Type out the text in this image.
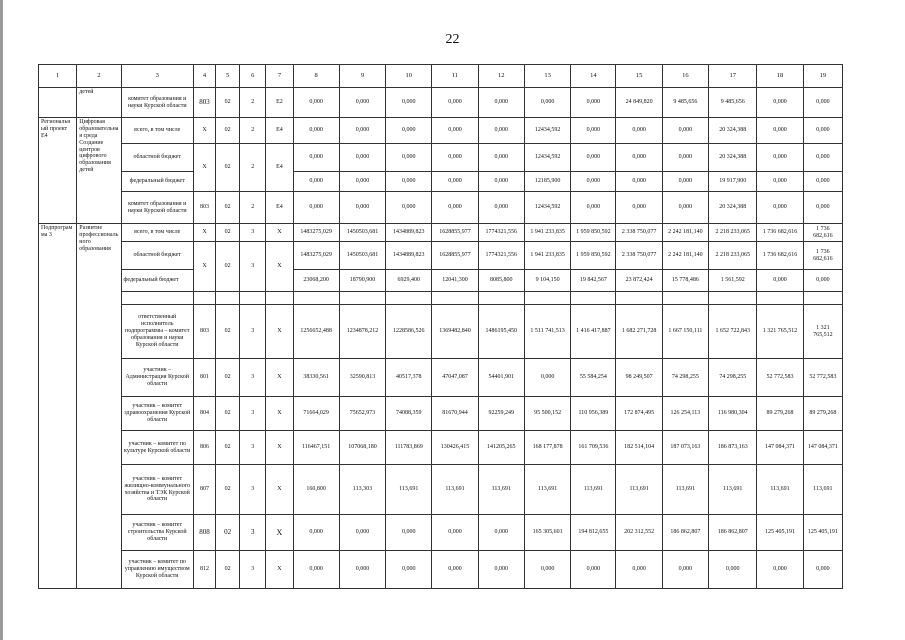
22
1	2	3	4	5	6	7	8	9	10	11	12	13	14	15	16	17	18	19
	детей	комитет образования и науки Курской области	803	02	2	Е2	0,000	0,000	0,000	0,000	0,000	0,000	0,000	24 849,820	9 485,656	9 485,656	0,000	0,000
Региональный проект Е4	Цифровая образовательная среда Создание центров цифрового образования детей	всего, в том числе	Х	02	2	Е4	0,000	0,000	0,000	0,000	0,000	12434,592	0,000	0,000	0,000	20 324,388	0,000	0,000
		областной бюджет	Х	02	2	Е4	0,000	0,000	0,000	0,000	0,000	12434,592	0,000	0,000	0,000	20 324,388	0,000	0,000
		федеральный бюджет					0,000	0,000	0,000	0,000	0,000	12185,900	0,000	0,000	0,000	19 917,900	0,000	0,000
		комитет образования и науки Курской области	803	02	2	Е4	0,000	0,000	0,000	0,000	0,000	12434,592	0,000	0,000	0,000	20 324,388	0,000	0,000
Подпрограмма 3	Развитие профессионального образования	всего, в том числе	Х	02	3	Х	1483275,029	1450503,681	1434889,823	1628855,977	1774321,556	1 941 233,835	1 959 850,592	2 338 750,077	2 242 181,140	2 218 233,065	1 736 682,616	1 736 682,616
		областной бюджет	Х	02	3	Х	1483275,029	1450503,681	1434889,823	1628855,977	1774321,556	1 941 233,835	1 959 850,592	2 338 750,077	2 242 181,140	2 218 233,065	1 736 682,616	1 736 682,616
		федеральный бюджет					23068,200	18790,900	6929,400	12041,300	8085,800	9 104,150	19 842,567	23 872,424	15 778,486	1 561,592	0,000	0,000

		ответственный исполнитель подпрограммы – комитет образования и науки Курской области	803	02	3	Х	1256652,488	1234878,212	1228586,526	1369482,840	1486195,450	1 511 741,513	1 416 417,887	1 682 271,728	1 667 150,111	1 652 722,843	1 321 765,512	1 321 765,512
		участник – Администрация Курской области	801	02	3	Х	38330,561	32590,813	40517,378	47047,087	54401,901	0,000	55 584,254	98 249,507	74 298,255	74 298,255	52 772,583	52 772,583
		участник – комитет здравоохранения Курской области	804	02	3	Х	71664,029	75652,973	74088,359	81670,944	92259,249	95 500,152	110 956,389	172 874,495	126 254,113	116 980,304	89 279,268	89 279,268
		участник – комитет по культуре Курской области	806	02	3	Х	116467,151	107068,180	111783,869	130426,415	141205,265	168 177,878	161 709,536	182 514,104	187 073,163	186 873,163	147 084,371	147 084,371
		участник – комитет жилищно-коммунального хозяйства и ТЭК Курской области	807	02	3	Х	160,800	113,303	113,691	113,691	113,691	113,691	113,691	113,691	113,691	113,691	113,691	113,691
		участник – комитет строительства Курской области	808	02	3	Х	0,000	0,000	0,000	0,000	0,000	165 305,601	194 812,655	202 312,552	186 862,807	186 862,807	125 405,191	125 405,191
		участник – комитет по управлению имуществом Курской области	812	02	3	Х	0,000	0,000	0,000	0,000	0,000	0,000	0,000	0,000	0,000	0,000	0,000	0,000
